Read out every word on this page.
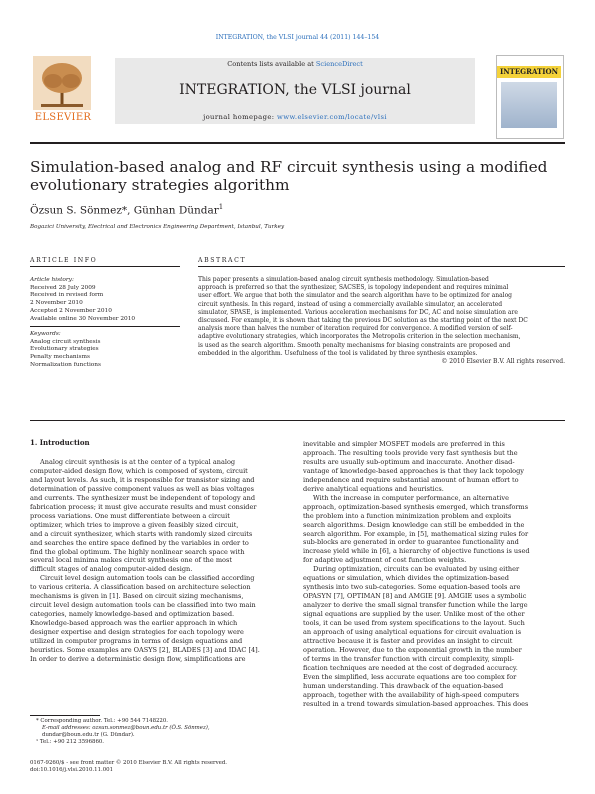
INTEGRATION, the VLSI journal 44 (2011) 144–154
ELSEVIER
Contents lists available at ScienceDirect
INTEGRATION, the VLSI journal
journal homepage: www.elsevier.com/locate/vlsi
INTEGRATION
Simulation-based analog and RF circuit synthesis using a modified
evolutionary strategies algorithm
Özsun S. Sönmez*, Günhan Dündar$^1$
Bogazici University, Electrical and Electronics Engineering Department, Istanbul, Turkey
ARTICLE INFO
Article history:
Received 28 July 2009
Received in revised form
2 November 2010
Accepted 2 November 2010
Available online 30 November 2010
Keywords:
Analog circuit synthesis
Evolutionary strategies
Penalty mechanisms
Normalization functions
ABSTRACT
This paper presents a simulation-based analog circuit synthesis methodology. Simulation-based
approach is preferred so that the synthesizer, SACSES, is topology independent and requires minimal
user effort. We argue that both the simulator and the search algorithm have to be optimized for analog
circuit synthesis. In this regard, instead of using a commercially available simulator, an accelerated
simulator, SPASE, is implemented. Various acceleration mechanisms for DC, AC and noise simulation are
discussed. For example, it is shown that taking the previous DC solution as the starting point of the next DC
analysis more than halves the number of iteration required for convergence. A modified version of self-
adaptive evolutionary strategies, which incorporates the Metropolis criterion in the selection mechanism,
is used as the search algorithm. Smooth penalty mechanisms for biasing constraints are proposed and
embedded in the algorithm. Usefulness of the tool is validated by three synthesis examples.
© 2010 Elsevier B.V. All rights reserved.
1. Introduction
Analog circuit synthesis is at the center of a typical analog
computer-aided design flow, which is composed of system, circuit
and layout levels. As such, it is responsible for transistor sizing and
determination of passive component values as well as bias voltages
and currents. The synthesizer must be independent of topology and
fabrication process; it must give accurate results and must consider
process variations. One must differentiate between a circuit
optimizer, which tries to improve a given feasibly sized circuit,
and a circuit synthesizer, which starts with randomly sized circuits
and searches the entire space defined by the variables in order to
find the global optimum. The highly nonlinear search space with
several local minima makes circuit synthesis one of the most
difficult stages of analog computer-aided design.
Circuit level design automation tools can be classified according
to various criteria. A classification based on architecture selection
mechanisms is given in [1]. Based on circuit sizing mechanisms,
circuit level design automation tools can be classified into two main
categories, namely knowledge-based and optimization based.
Knowledge-based approach was the earlier approach in which
designer expertise and design strategies for each topology were
utilized in computer programs in terms of design equations and
heuristics. Some examples are OASYS [2], BLADES [3] and IDAC [4].
In order to derive a deterministic design flow, simplifications are
inevitable and simpler MOSFET models are preferred in this
approach. The resulting tools provide very fast synthesis but the
results are usually sub-optimum and inaccurate. Another disad-
vantage of knowledge-based approaches is that they lack topology
independence and require substantial amount of human effort to
derive analytical equations and heuristics.
With the increase in computer performance, an alternative
approach, optimization-based synthesis emerged, which transforms
the problem into a function minimization problem and exploits
search algorithms. Design knowledge can still be embedded in the
search algorithm. For example, in [5], mathematical sizing rules for
sub-blocks are generated in order to guarantee functionality and
increase yield while in [6], a hierarchy of objective functions is used
for adaptive adjustment of cost function weights.
During optimization, circuits can be evaluated by using either
equations or simulation, which divides the optimization-based
synthesis into two sub-categories. Some equation-based tools are
OPASYN [7], OPTIMAN [8] and AMGIE [9]. AMGIE uses a symbolic
analyzer to derive the small signal transfer function while the large
signal equations are supplied by the user. Unlike most of the other
tools, it can be used from system specifications to the layout. Such
an approach of using analytical equations for circuit evaluation is
attractive because it is faster and provides an insight to circuit
operation. However, due to the exponential growth in the number
of terms in the transfer function with circuit complexity, simpli-
fication techniques are needed at the cost of degraded accuracy.
Even the simplified, less accurate equations are too complex for
human understanding. This drawback of the equation-based
approach, together with the availability of high-speed computers
resulted in a trend towards simulation-based approaches. This does
* Corresponding author. Tel.: +90 544 7148220.
E-mail addresses: ozsun.sonmez@boun.edu.tr (Ö.S. Sönmez),
dundar@boun.edu.tr (G. Dündar).
¹ Tel.: +90 212 3596860.
0167-9260/$ - see front matter © 2010 Elsevier B.V. All rights reserved.
doi:10.1016/j.vlsi.2010.11.001
